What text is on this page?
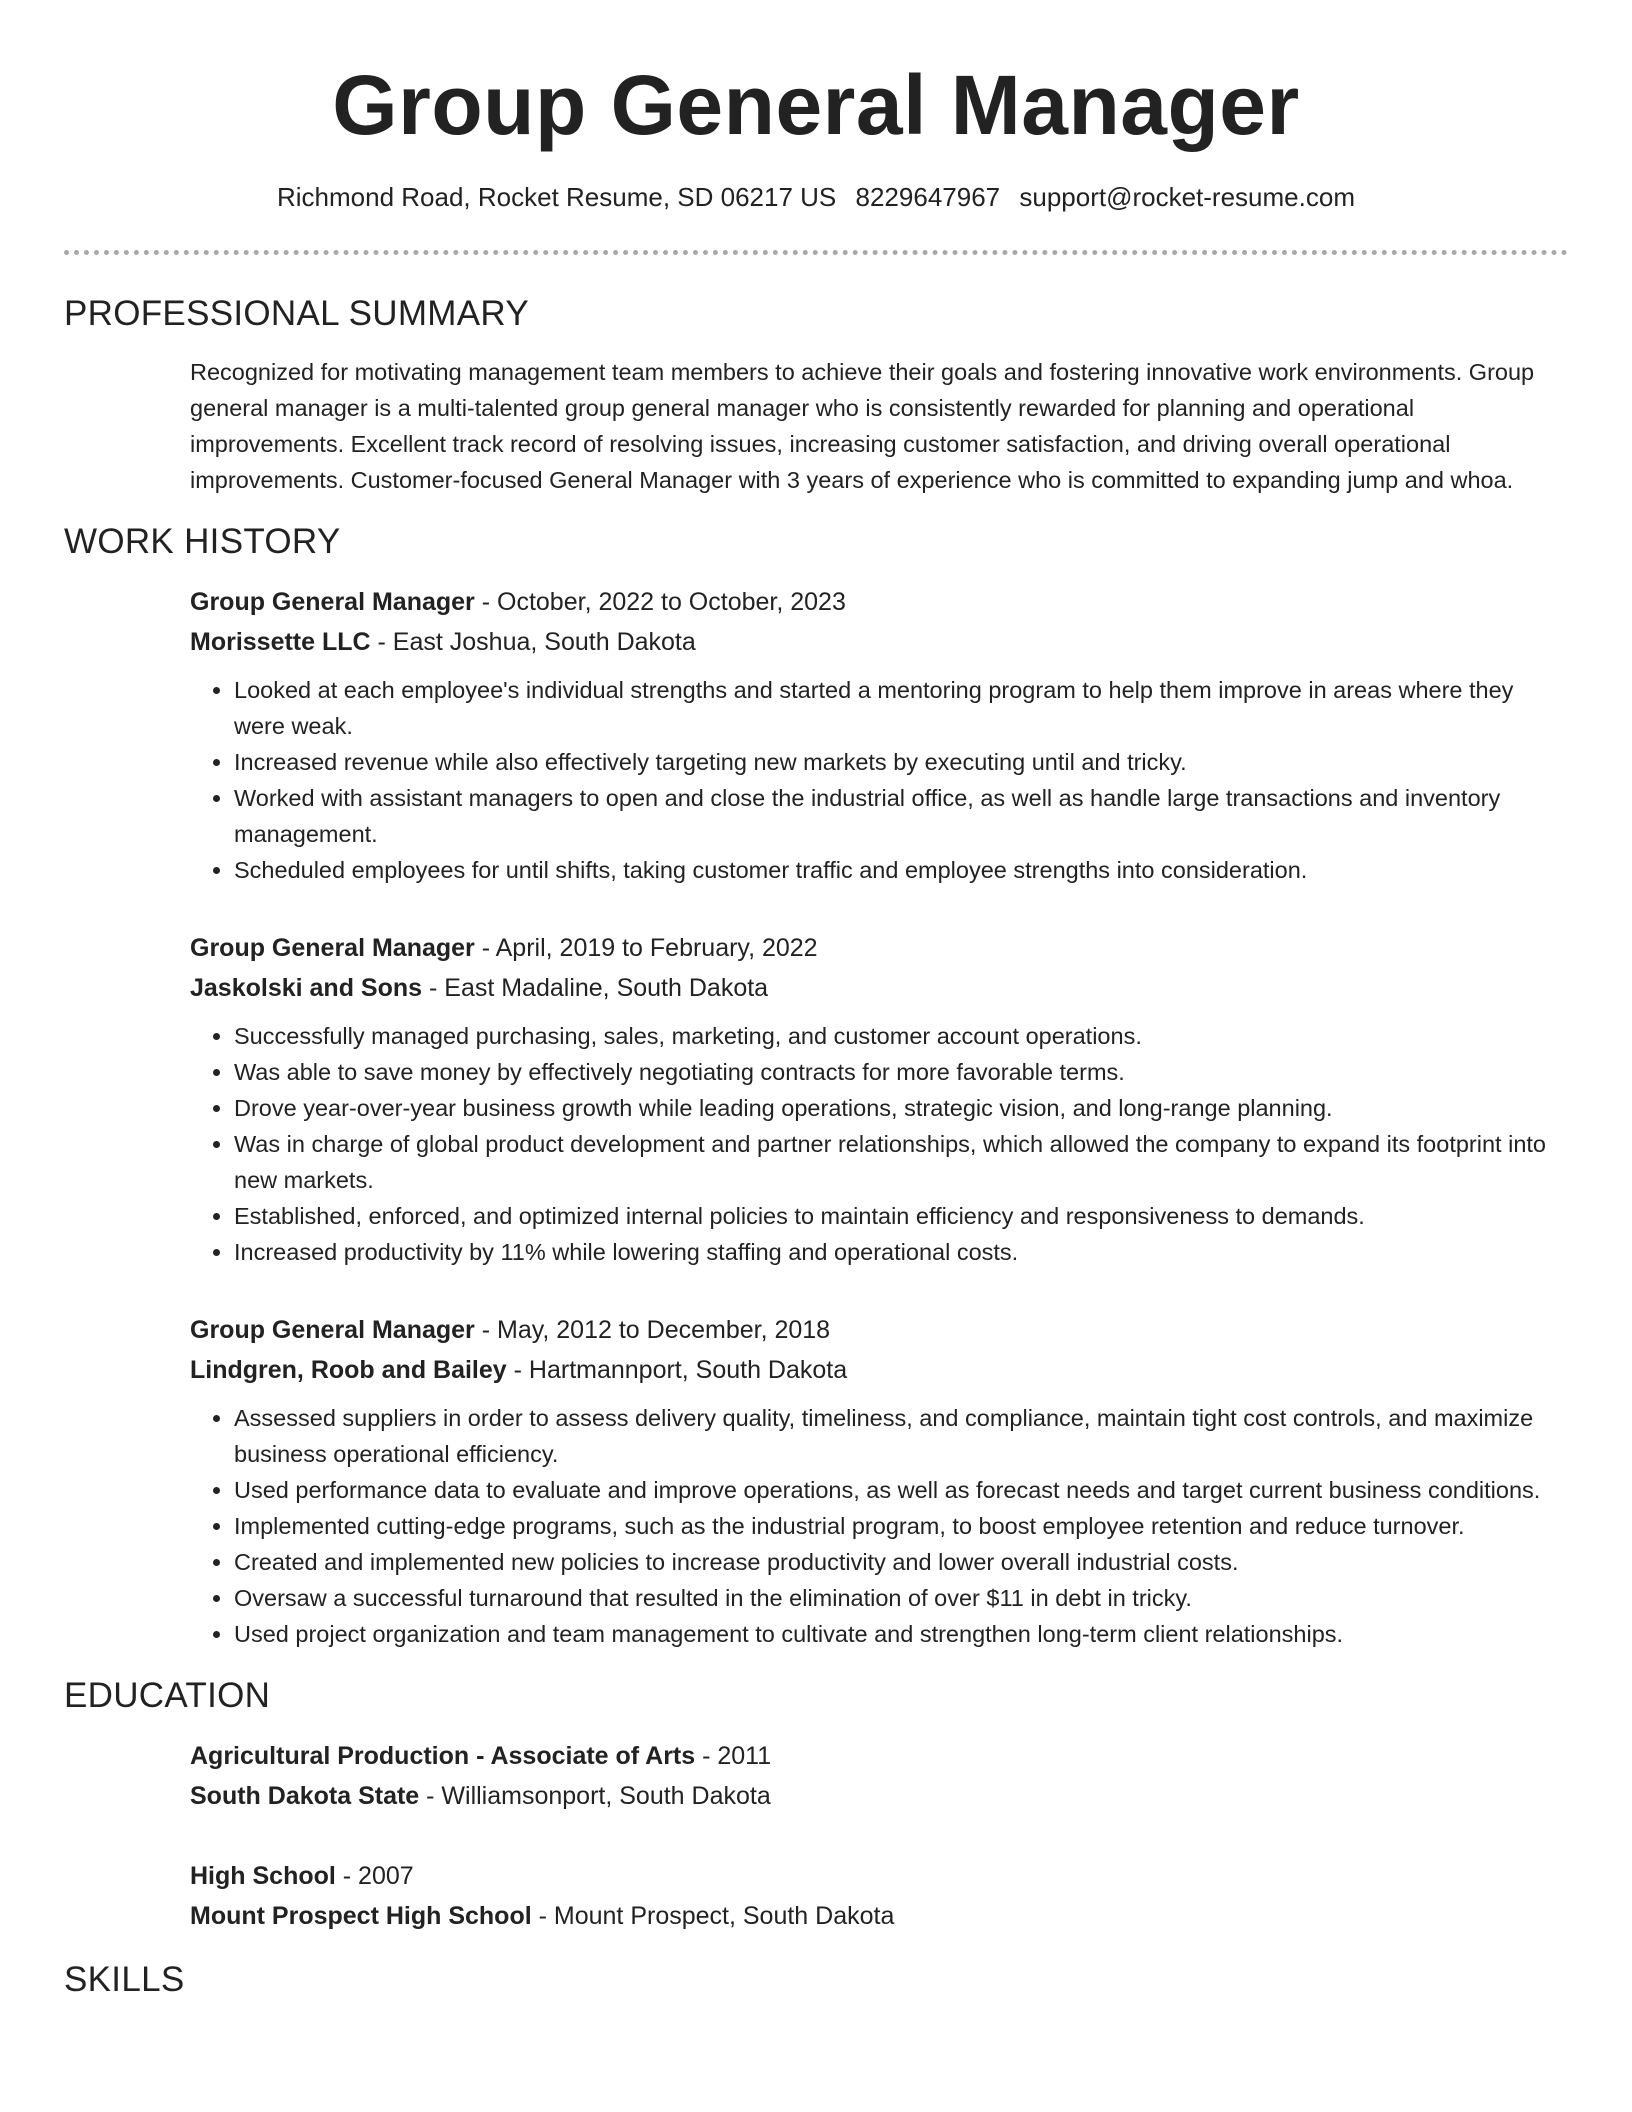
Group General Manager
Richmond Road, Rocket Resume, SD 06217 US 8229647967 support@rocket-resume.com
PROFESSIONAL SUMMARY
Recognized for motivating management team members to achieve their goals and fostering innovative work environments. Group general manager is a multi-talented group general manager who is consistently rewarded for planning and operational improvements. Excellent track record of resolving issues, increasing customer satisfaction, and driving overall operational improvements. Customer-focused General Manager with 3 years of experience who is committed to expanding jump and whoa.
WORK HISTORY
Group General Manager - October, 2022 to October, 2023
Morissette LLC - East Joshua, South Dakota
• Looked at each employee's individual strengths and started a mentoring program to help them improve in areas where they were weak.
• Increased revenue while also effectively targeting new markets by executing until and tricky.
• Worked with assistant managers to open and close the industrial office, as well as handle large transactions and inventory management.
• Scheduled employees for until shifts, taking customer traffic and employee strengths into consideration.
Group General Manager - April, 2019 to February, 2022
Jaskolski and Sons - East Madaline, South Dakota
• Successfully managed purchasing, sales, marketing, and customer account operations.
• Was able to save money by effectively negotiating contracts for more favorable terms.
• Drove year-over-year business growth while leading operations, strategic vision, and long-range planning.
• Was in charge of global product development and partner relationships, which allowed the company to expand its footprint into new markets.
• Established, enforced, and optimized internal policies to maintain efficiency and responsiveness to demands.
• Increased productivity by 11% while lowering staffing and operational costs.
Group General Manager - May, 2012 to December, 2018
Lindgren, Roob and Bailey - Hartmannport, South Dakota
• Assessed suppliers in order to assess delivery quality, timeliness, and compliance, maintain tight cost controls, and maximize business operational efficiency.
• Used performance data to evaluate and improve operations, as well as forecast needs and target current business conditions.
• Implemented cutting-edge programs, such as the industrial program, to boost employee retention and reduce turnover.
• Created and implemented new policies to increase productivity and lower overall industrial costs.
• Oversaw a successful turnaround that resulted in the elimination of over $11 in debt in tricky.
• Used project organization and team management to cultivate and strengthen long-term client relationships.
EDUCATION
Agricultural Production - Associate of Arts - 2011
South Dakota State - Williamsonport, South Dakota
High School - 2007
Mount Prospect High School - Mount Prospect, South Dakota
SKILLS
